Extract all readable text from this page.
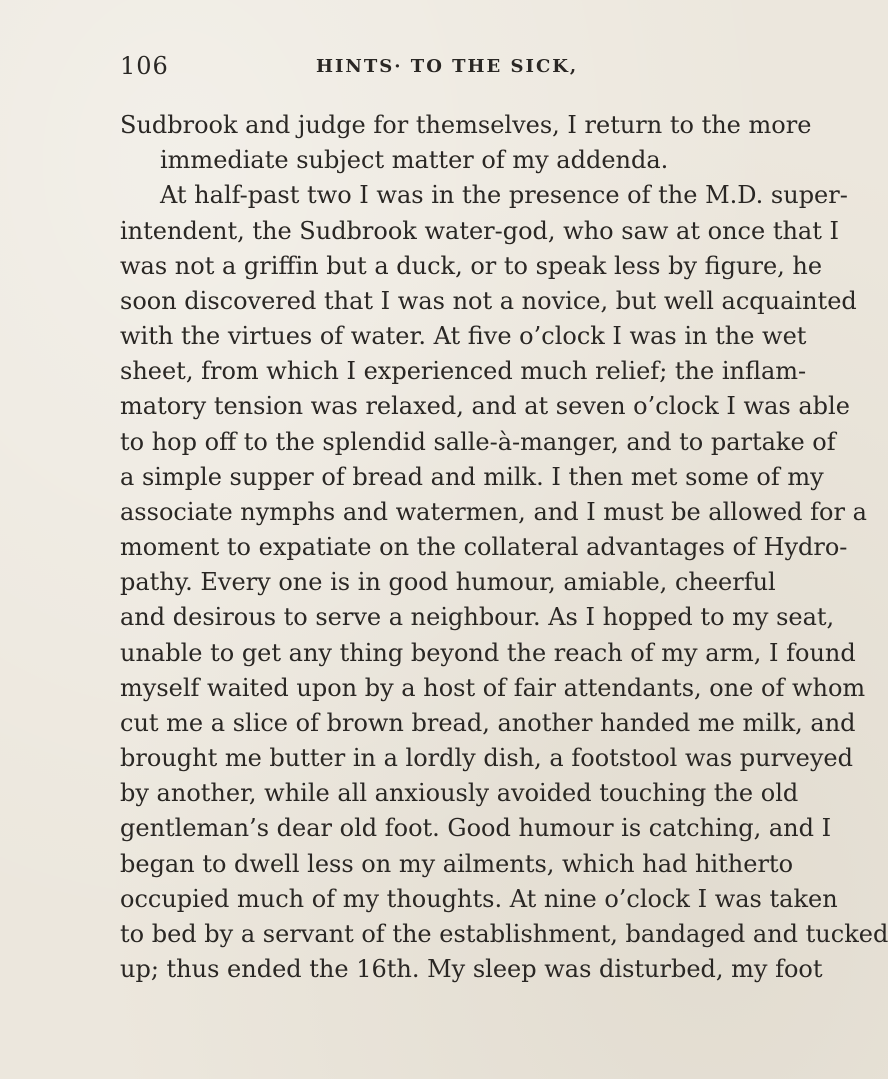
106	HINTS· TO THE SICK,
Sudbrook and judge for themselves, I return to the more
immediate subject matter of my addenda.
At half-past two I was in the presence of the M.D. super-
intendent, the Sudbrook water-god, who saw at once that I
was not a griffin but a duck, or to speak less by figure, he
soon discovered that I was not a novice, but well acquainted
with the virtues of water. At five o’clock I was in the wet
sheet, from which I experienced much relief; the inflam-
matory tension was relaxed, and at seven o’clock I was able
to hop off to the splendid salle-à-manger, and to partake of
a simple supper of bread and milk. I then met some of my
associate nymphs and watermen, and I must be allowed for a
moment to expatiate on the collateral advantages of Hydro-
pathy. Every one is in good humour, amiable, cheerful
and desirous to serve a neighbour. As I hopped to my seat,
unable to get any thing beyond the reach of my arm, I found
myself waited upon by a host of fair attendants, one of whom
cut me a slice of brown bread, another handed me milk, and
brought me butter in a lordly dish, a footstool was purveyed
by another, while all anxiously avoided touching the old
gentleman’s dear old foot. Good humour is catching, and I
began to dwell less on my ailments, which had hitherto
occupied much of my thoughts. At nine o’clock I was taken
to bed by a servant of the establishment, bandaged and tucked
up; thus ended the 16th. My sleep was disturbed, my foot
